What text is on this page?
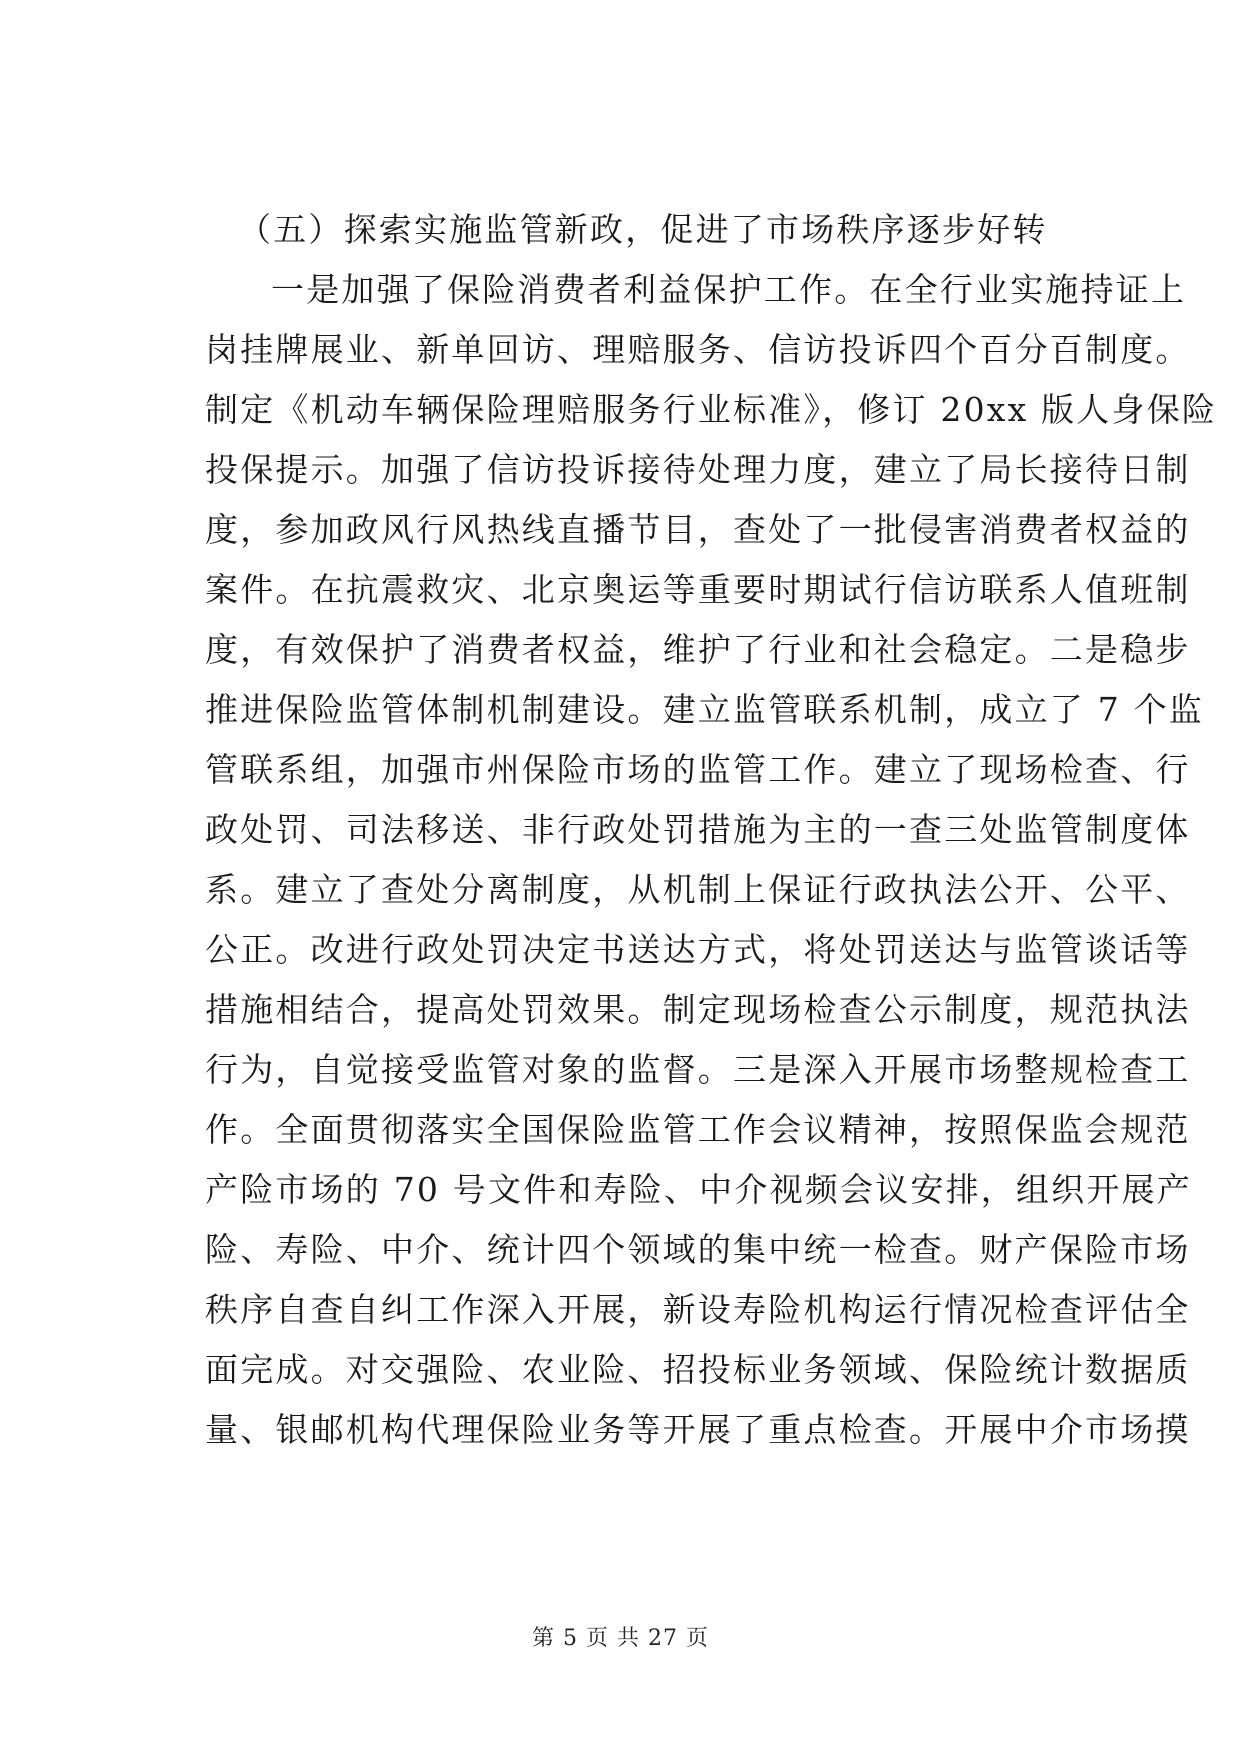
（五）探索实施监管新政，促进了市场秩序逐步好转
一是加强了保险消费者利益保护工作。在全行业实施持证上
岗挂牌展业、新单回访、理赔服务、信访投诉四个百分百制度。
制定《机动车辆保险理赔服务行业标准》，修订 20xx 版人身保险
投保提示。加强了信访投诉接待处理力度，建立了局长接待日制
度，参加政风行风热线直播节目，查处了一批侵害消费者权益的
案件。在抗震救灾、北京奥运等重要时期试行信访联系人值班制
度，有效保护了消费者权益，维护了行业和社会稳定。二是稳步
推进保险监管体制机制建设。建立监管联系机制，成立了 7 个监
管联系组，加强市州保险市场的监管工作。建立了现场检查、行
政处罚、司法移送、非行政处罚措施为主的一查三处监管制度体
系。建立了查处分离制度，从机制上保证行政执法公开、公平、
公正。改进行政处罚决定书送达方式，将处罚送达与监管谈话等
措施相结合，提高处罚效果。制定现场检查公示制度，规范执法
行为，自觉接受监管对象的监督。三是深入开展市场整规检查工
作。全面贯彻落实全国保险监管工作会议精神，按照保监会规范
产险市场的 70 号文件和寿险、中介视频会议安排，组织开展产
险、寿险、中介、统计四个领域的集中统一检查。财产保险市场
秩序自查自纠工作深入开展，新设寿险机构运行情况检查评估全
面完成。对交强险、农业险、招投标业务领域、保险统计数据质
量、银邮机构代理保险业务等开展了重点检查。开展中介市场摸
第 5 页 共 27 页
